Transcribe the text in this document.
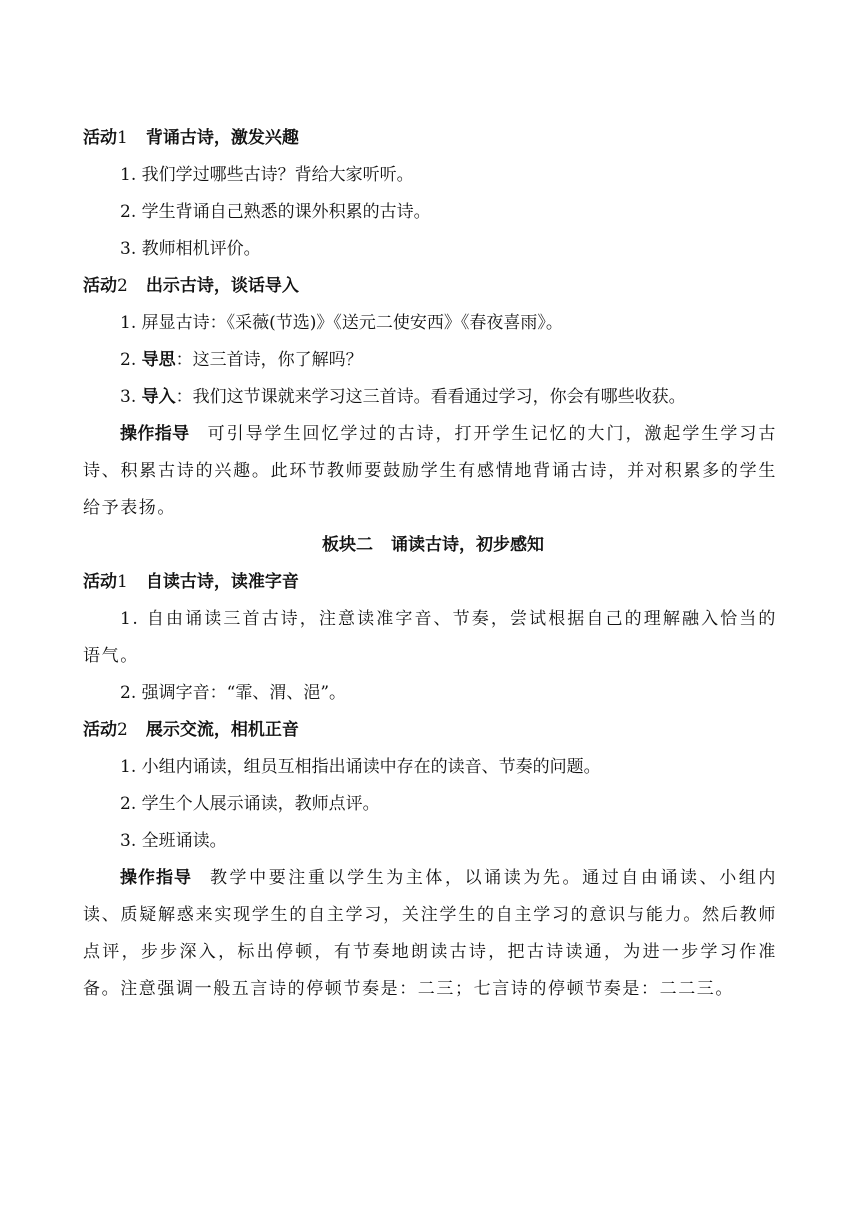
活动1 背诵古诗，激发兴趣
1. 我们学过哪些古诗？背给大家听听。
2. 学生背诵自己熟悉的课外积累的古诗。
3. 教师相机评价。
活动2 出示古诗，谈话导入
1. 屏显古诗：《采薇(节选)》《送元二使安西》《春夜喜雨》。
2. 导思：这三首诗，你了解吗？
3. 导入：我们这节课就来学习这三首诗。看看通过学习，你会有哪些收获。
操作指导 可引导学生回忆学过的古诗，打开学生记忆的大门，激起学生学习古诗、积累古诗的兴趣。此环节教师要鼓励学生有感情地背诵古诗，并对积累多的学生给予表扬。
板块二 诵读古诗，初步感知
活动1 自读古诗，读准字音
1. 自由诵读三首古诗，注意读准字音、节奏，尝试根据自己的理解融入恰当的语气。
2. 强调字音：“霏、渭、浥”。
活动2 展示交流，相机正音
1. 小组内诵读，组员互相指出诵读中存在的读音、节奏的问题。
2. 学生个人展示诵读，教师点评。
3. 全班诵读。
操作指导 教学中要注重以学生为主体，以诵读为先。通过自由诵读、小组内读、质疑解惑来实现学生的自主学习，关注学生的自主学习的意识与能力。然后教师点评，步步深入，标出停顿，有节奏地朗读古诗，把古诗读通，为进一步学习作准备。注意强调一般五言诗的停顿节奏是：二三；七言诗的停顿节奏是：二二三。
